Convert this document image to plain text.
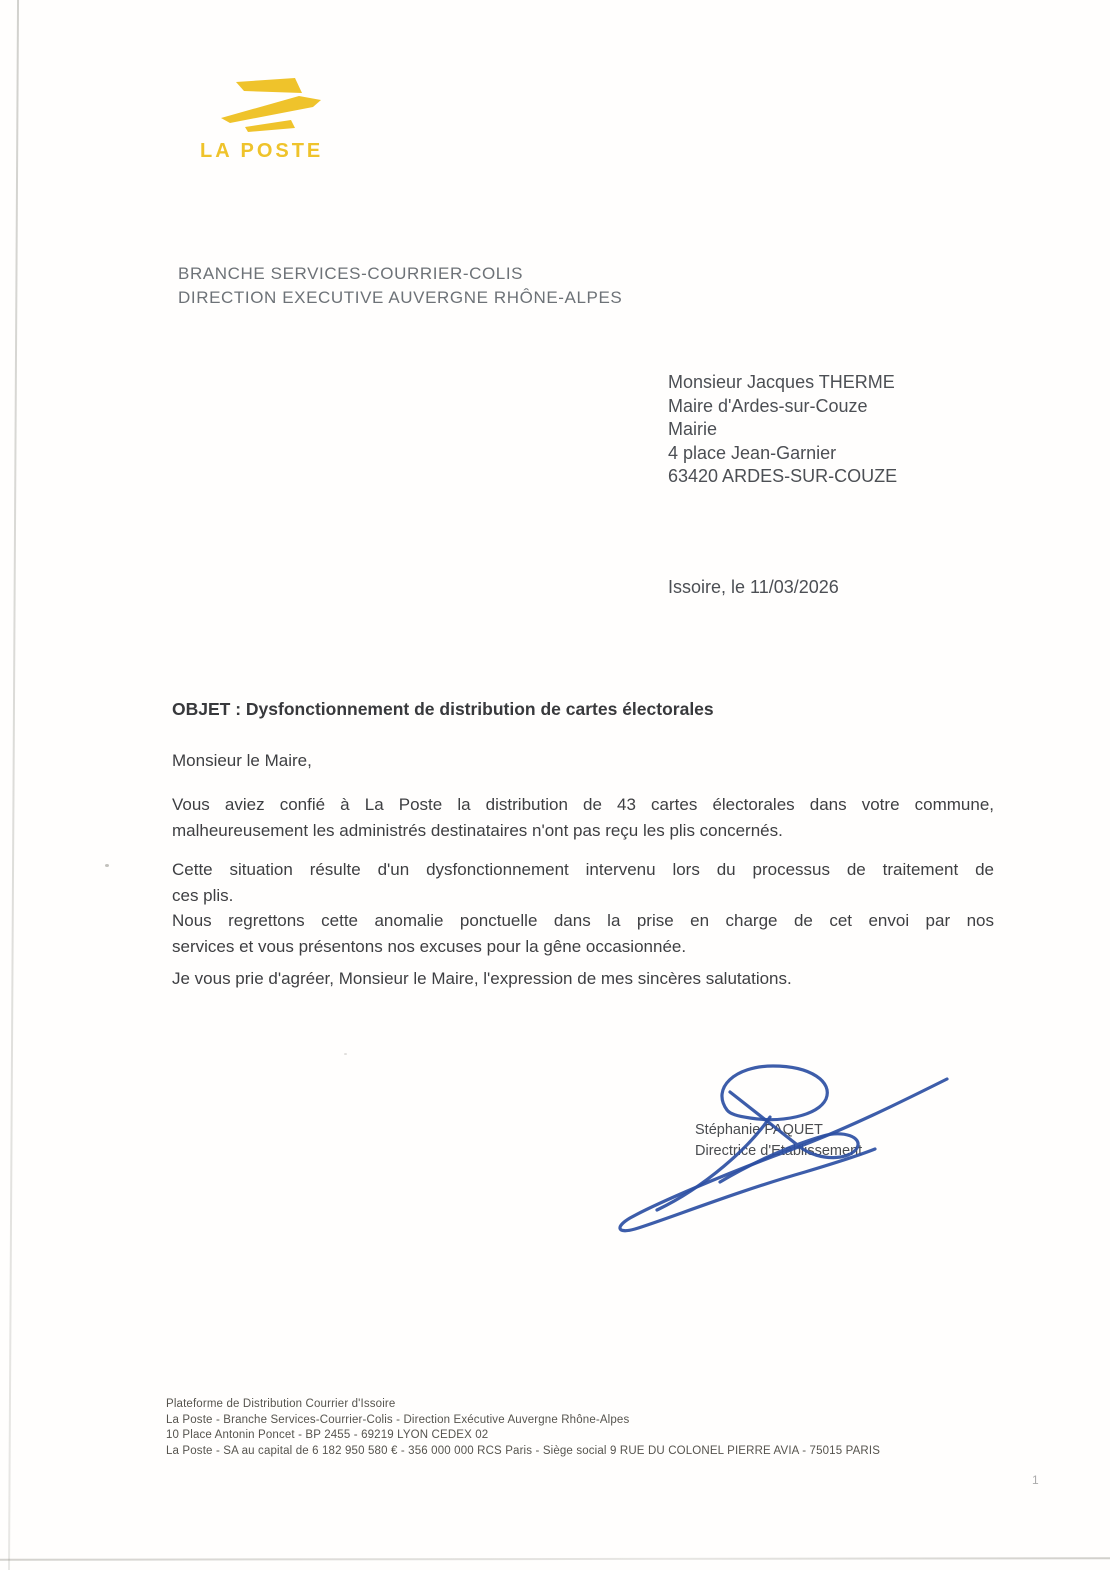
LA POSTE
BRANCHE SERVICES-COURRIER-COLIS
DIRECTION EXECUTIVE AUVERGNE RHÔNE-ALPES
Monsieur Jacques THERME
Maire d'Ardes-sur-Couze
Mairie
4 place Jean-Garnier
63420 ARDES-SUR-COUZE
Issoire, le 11/03/2026
OBJET : Dysfonctionnement de distribution de cartes électorales
Monsieur le Maire,
Vous aviez confié à La Poste la distribution de 43 cartes électorales dans votre commune,
malheureusement les administrés destinataires n'ont pas reçu les plis concernés.
Cette situation résulte d'un dysfonctionnement intervenu lors du processus de traitement de
ces plis.
Nous regrettons cette anomalie ponctuelle dans la prise en charge de cet envoi par nos
services et vous présentons nos excuses pour la gêne occasionnée.
Je vous prie d'agréer, Monsieur le Maire, l'expression de mes sincères salutations.
Stéphanie PAQUET
Directrice d'Etablissement
Plateforme de Distribution Courrier d'Issoire
La Poste - Branche Services-Courrier-Colis - Direction Exécutive Auvergne Rhône-Alpes
10 Place Antonin Poncet - BP 2455 - 69219 LYON CEDEX 02
La Poste - SA au capital de 6 182 950 580 € - 356 000 000 RCS Paris - Siège social 9 RUE DU COLONEL PIERRE AVIA - 75015 PARIS
1
